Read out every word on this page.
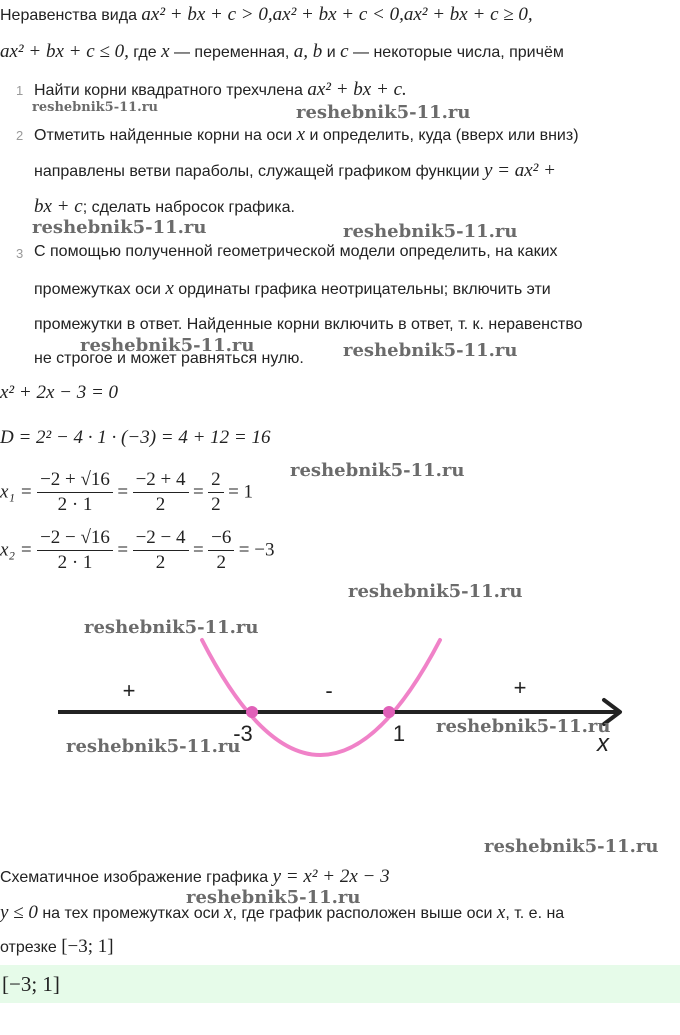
Неравенства вида ax² + bx + c > 0,ax² + bx + c < 0,ax² + bx + c ≥ 0,
ax² + bx + c ≤ 0, где x — переменная, a, b и c — некоторые числа, причём
1 Найти корни квадратного трехчлена ax² + bx + c.
2 Отметить найденные корни на оси x и определить, куда (вверх или вниз)
направлены ветви параболы, служащей графиком функции y = ax² +
bx + c; сделать набросок графика.
3 С помощью полученной геометрической модели определить, на каких
промежутках оси x ординаты графика неотрицательны; включить эти
промежутки в ответ. Найденные корни включить в ответ, т. к. неравенство
не строгое и может равняться нулю.
x² + 2x − 3 = 0
D = 2² − 4 · 1 · (−3) = 4 + 12 = 16
$x_1 = \frac{-2 + √16}{2 \cdot 1} = \frac{-2 + 4}{2} = \frac{2}{2} = 1$
$x_2 = \frac{-2 - √16}{2 \cdot 1} = \frac{-2 - 4}{2} = \frac{-6}{2} = -3$
+	-	+
-3	1	x
Схематичное изображение графика y = x² + 2x − 3
y ≤ 0 на тех промежутках оси x, где график расположен выше оси x, т. е. на
отрезке [−3; 1]
[−3; 1]
reshebnik5-11.ru	reshebnik5-11.ru
reshebnik5-11.ru	reshebnik5-11.ru
reshebnik5-11.ru	reshebnik5-11.ru
reshebnik5-11.ru
reshebnik5-11.ru
reshebnik5-11.ru
reshebnik5-11.ru
reshebnik5-11.ru
reshebnik5-11.ru
reshebnik5-11.ru
